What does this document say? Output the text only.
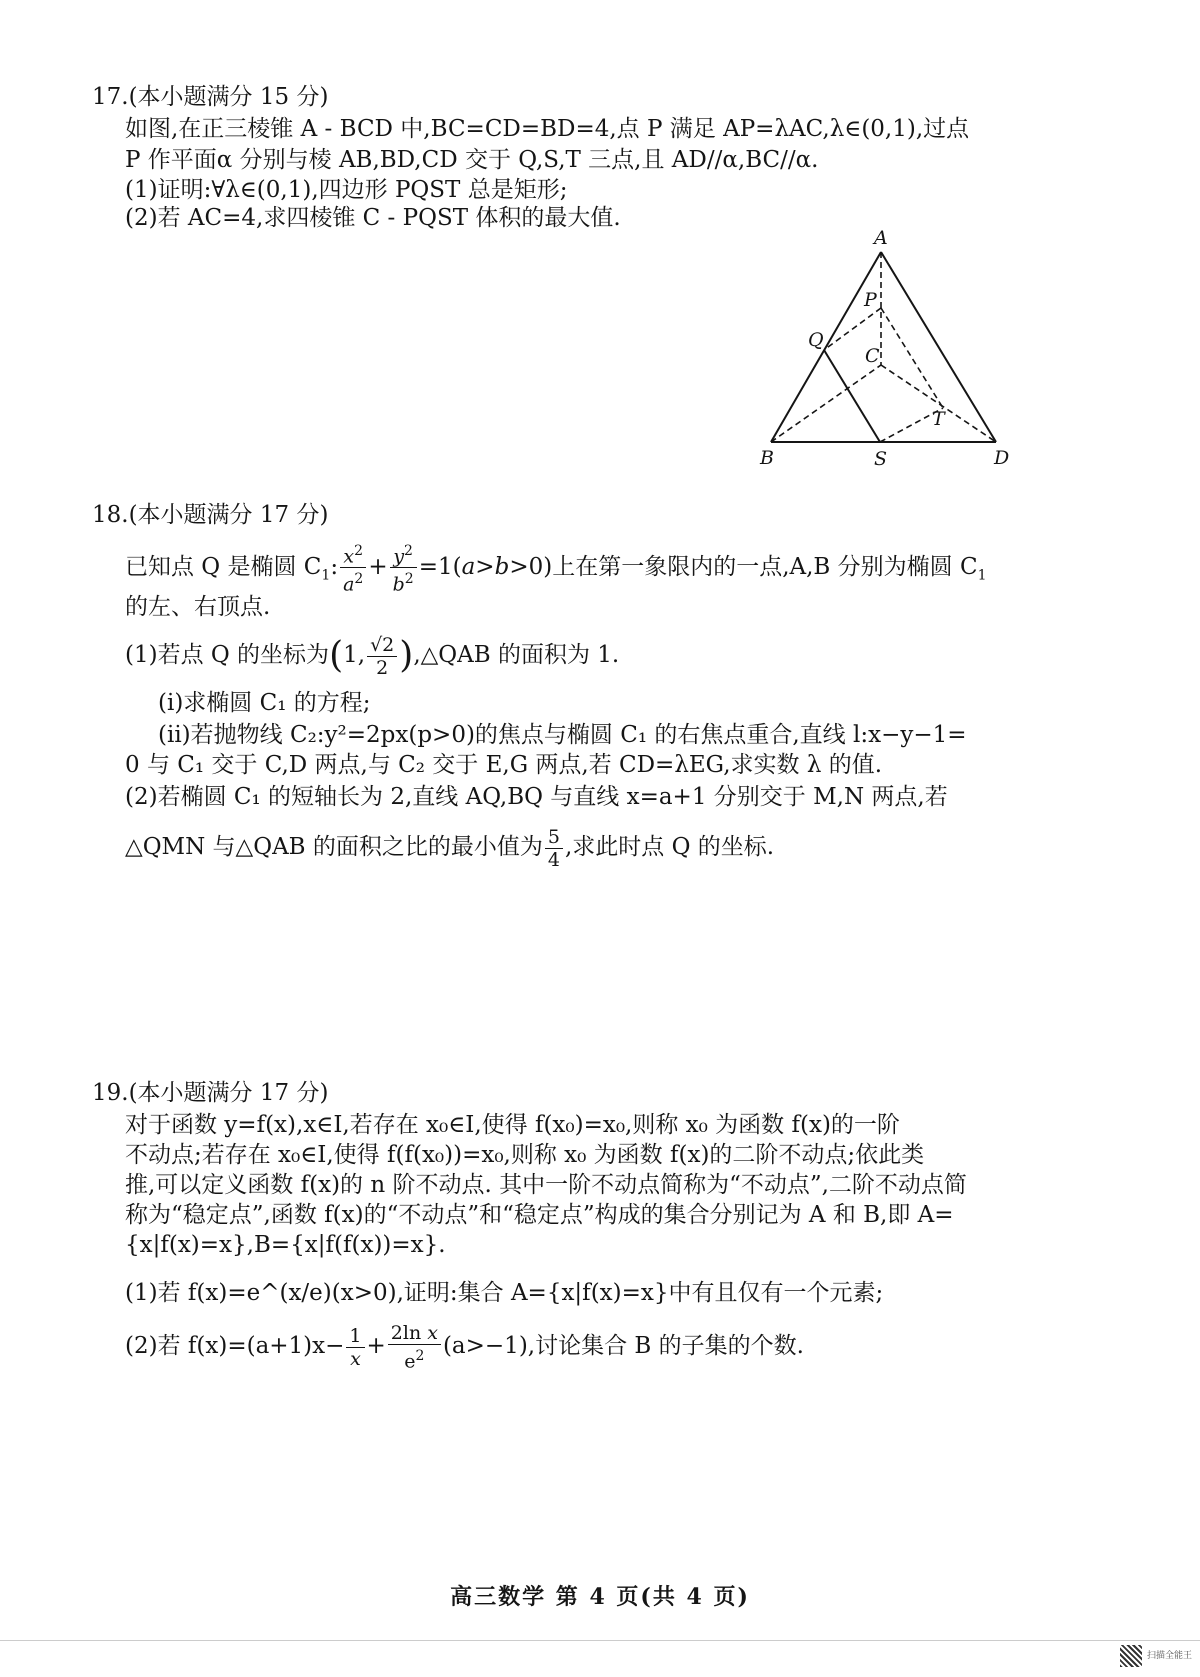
17.(本小题满分 15 分)
如图,在正三棱锥 A - BCD 中,BC=CD=BD=4,点 P 满足 AP=λAC,λ∈(0,1),过点
P 作平面α 分别与棱 AB,BD,CD 交于 Q,S,T 三点,且 AD//α,BC//α.
(1)证明:∀λ∈(0,1),四边形 PQST 总是矩形;
(2)若 AC=4,求四棱锥 C - PQST 体积的最大值.
A
P
Q
C
T
B	S	D
18.(本小题满分 17 分)
已知点 Q 是椭圆 $C_1$: $\frac{x^2}{a^2} + \frac{y^2}{b^2} =1(a>b>0)$上在第一象限内的一点,A,B 分别为椭圆 $C_1$
的左、右顶点.
(1)若点 Q 的坐标为(1, $\frac{√2}{2}$ ),△QAB 的面积为 1.
(i)求椭圆 C₁ 的方程;
(ii)若抛物线 C₂:y²=2px(p>0)的焦点与椭圆 C₁ 的右焦点重合,直线 l:x−y−1=
0 与 C₁ 交于 C,D 两点,与 C₂ 交于 E,G 两点,若 CD=λEG,求实数 λ 的值.
(2)若椭圆 C₁ 的短轴长为 2,直线 AQ,BQ 与直线 x=a+1 分别交于 M,N 两点,若
△QMN 与△QAB 的面积之比的最小值为 $\frac{5}{4}$ ,求此时点 Q 的坐标.
19.(本小题满分 17 分)
对于函数 y=f(x),x∈I,若存在 x₀∈I,使得 f(x₀)=x₀,则称 x₀ 为函数 f(x)的一阶
不动点;若存在 x₀∈I,使得 f(f(x₀))=x₀,则称 x₀ 为函数 f(x)的二阶不动点;依此类
推,可以定义函数 f(x)的 n 阶不动点. 其中一阶不动点简称为“不动点”,二阶不动点简
称为“稳定点”,函数 f(x)的“不动点”和“稳定点”构成的集合分别记为 A 和 B,即 A=
{x|f(x)=x},B={x|f(f(x))=x}.
(1)若 f(x)=e^(x/e)(x>0),证明:集合 A={x|f(x)=x}中有且仅有一个元素;
(2)若 $f(x)=(a+1)x- \frac{1}{x} + \frac{\text{2ln x}}{e^2} (a>-1)$,讨论集合 B 的子集的个数.
高三数学 第 4 页(共 4 页)
扫描全能王
